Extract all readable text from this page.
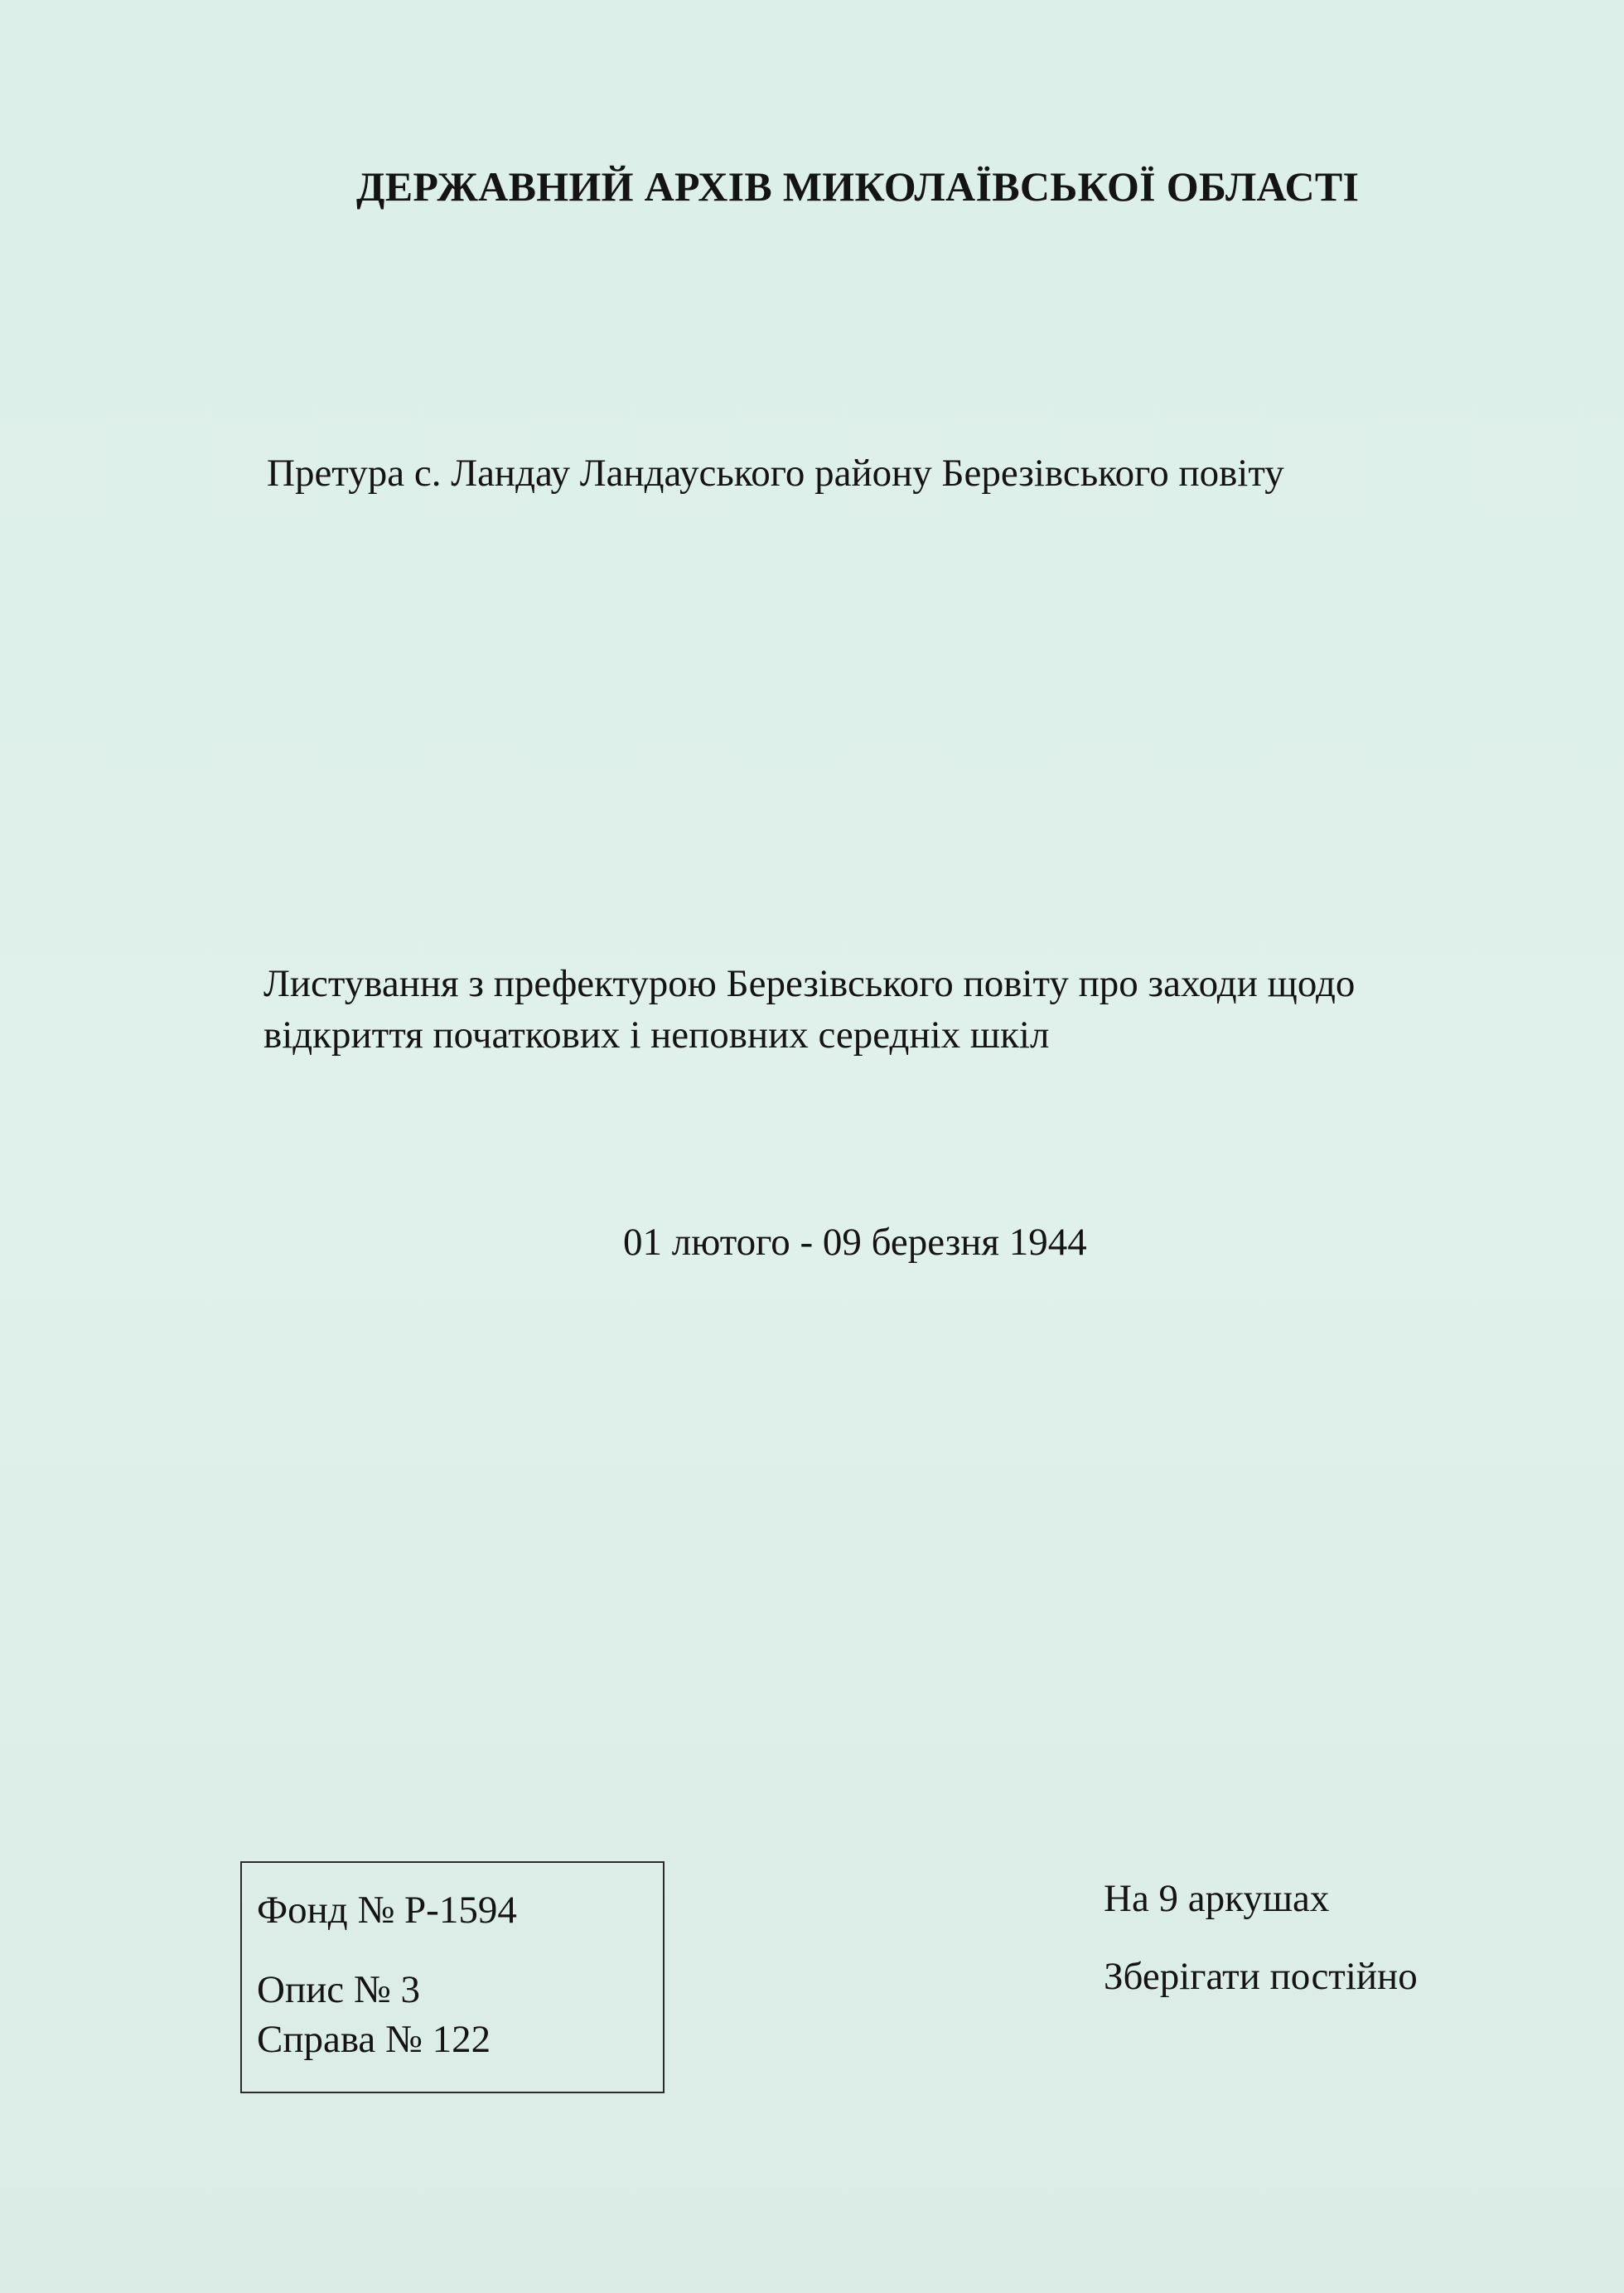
ДЕРЖАВНИЙ АРХІВ МИКОЛАЇВСЬКОЇ ОБЛАСТІ
Претура с. Ландау Ландауського району Березівського повіту
Листування з префектурою Березівського повіту про заходи щодо
відкриття початкових і неповних середніх шкіл
01 лютого - 09 березня 1944
Фонд № Р-1594
Опис № 3
Справа № 122
На 9 аркушах
Зберігати постійно
